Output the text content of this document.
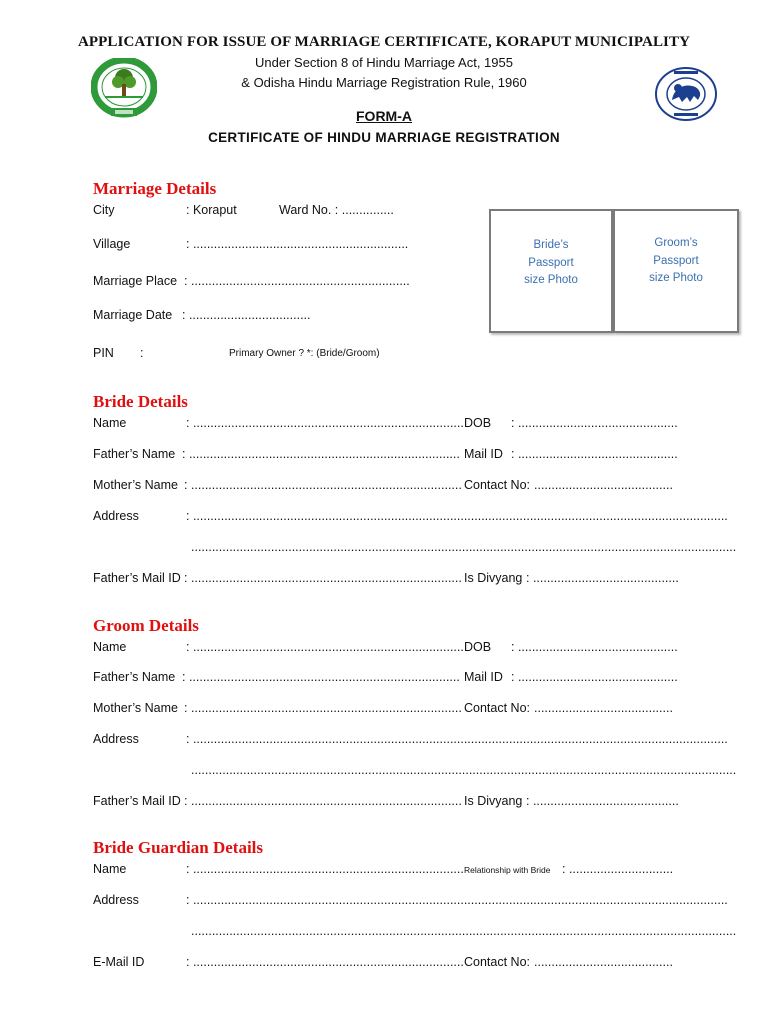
APPLICATION FOR ISSUE OF MARRIAGE CERTIFICATE, KORAPUT MUNICIPALITY
Under Section 8 of Hindu Marriage Act, 1955
& Odisha Hindu Marriage Registration Rule, 1960
FORM-A
CERTIFICATE OF HINDU MARRIAGE REGISTRATION
Marriage Details
City	: Koraput	Ward No. : ...............
Village	: ..............................................................
Marriage Place : ...............................................................
Marriage Date : ...................................
PIN :	Primary Owner ? *: (Bride/Groom)
Bride’s
Passport
size Photo
Groom’s
Passport
size Photo
Bride Details
Name	: .............................................................................. DOB : ..............................................
Father’s Name : .............................................................................. Mail ID : ..............................................
Mother’s Name : .............................................................................. Contact No: ........................................
Address	: ..........................................................................................................................................................
.............................................................................................................................................................
Father’s Mail ID : .............................................................................. Is Divyang : ..........................................
Groom Details
Name	: .............................................................................. DOB : ..............................................
Father’s Name : .............................................................................. Mail ID : ..............................................
Mother’s Name : .............................................................................. Contact No: ........................................
Address	: ..........................................................................................................................................................
.............................................................................................................................................................
Father’s Mail ID : .............................................................................. Is Divyang : ..........................................
Bride Guardian Details
Name	: .............................................................................. Relationship with Bride : ..............................
Address	: ..........................................................................................................................................................
.............................................................................................................................................................
E-Mail ID	: .............................................................................. Contact No: ........................................
